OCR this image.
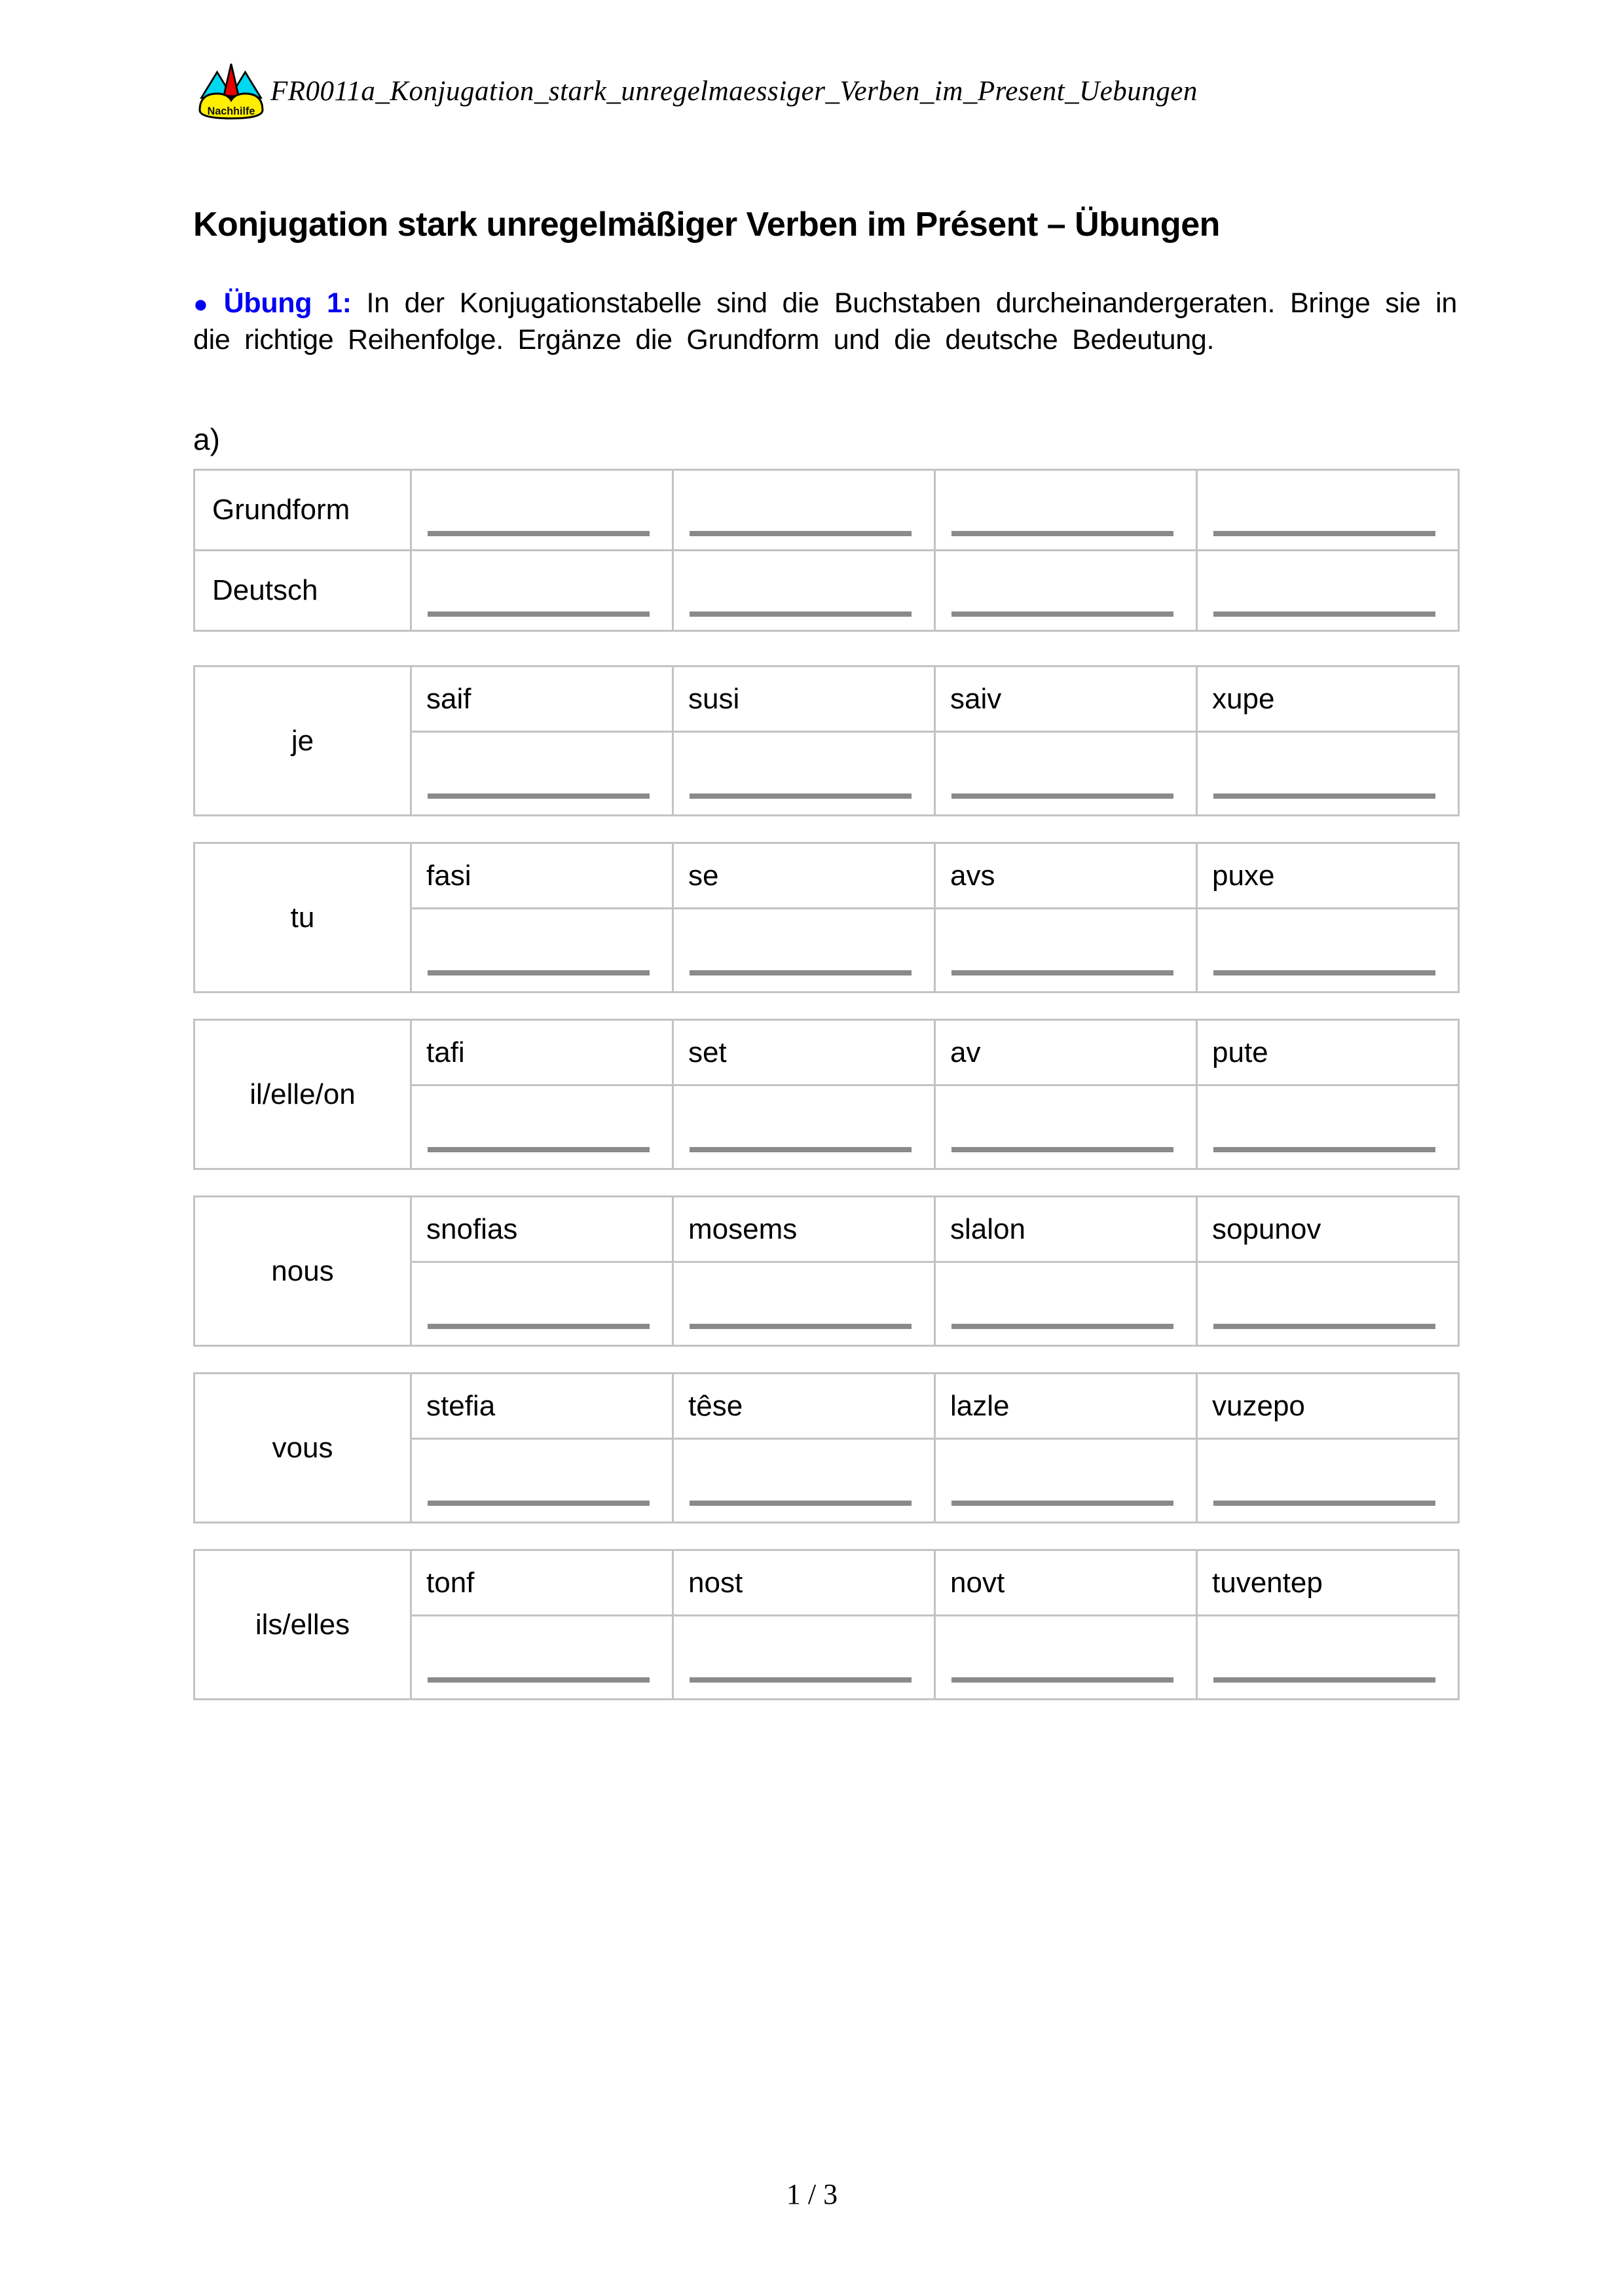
Nachhilfe
FR0011a_Konjugation_stark_unregelmaessiger_Verben_im_Present_Uebungen
Konjugation stark unregelmäßiger Verben im Présent – Übungen

● Übung 1: In der Konjugationstabelle sind die Buchstaben durcheinandergeraten. Bringe sie in die richtige Reihenfolge. Ergänze die Grundform und die deutsche Bedeutung.

a)
Grundform	

Deutsch	

je	saif	susi	saiv	xupe

tu	fasi	se	avs	puxe

il/elle/on	tafi	set	av	pute

nous	snofias	mosems	slalon	sopunov

vous	stefia	têse	lazle	vuzepo

ils/elles	tonf	nost	novt	tuventep

1 / 3
